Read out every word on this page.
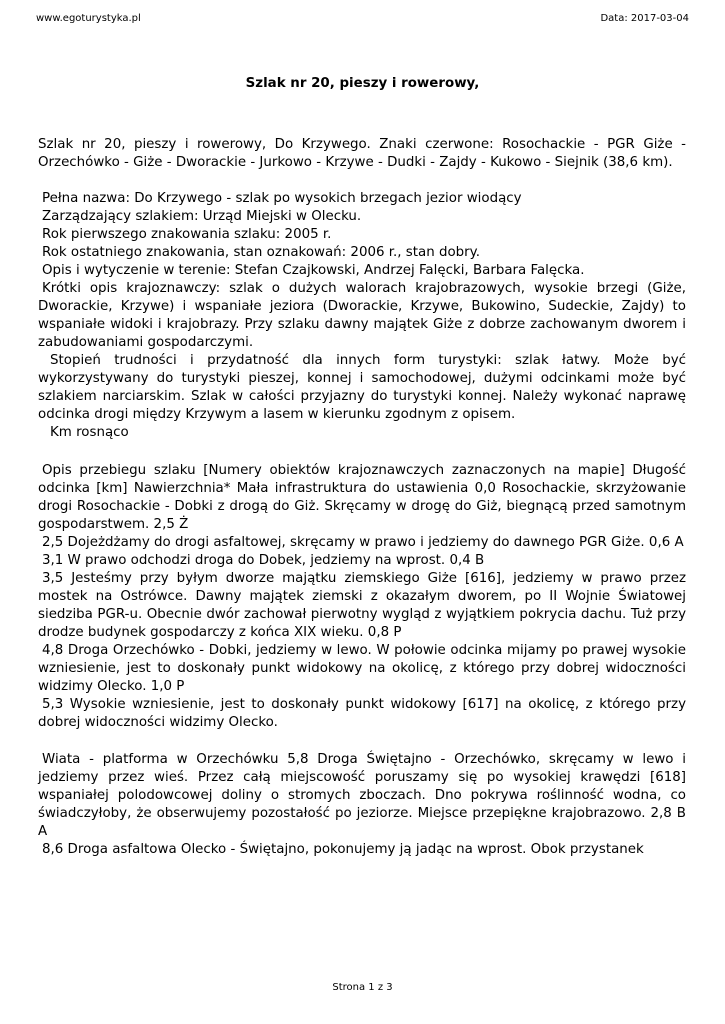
www.egoturystyka.pl	Data: 2017-03-04
Szlak nr 20, pieszy i rowerowy,

Szlak nr 20, pieszy i rowerowy, Do Krzywego. Znaki czerwone: Rosochackie - PGR Giże - Orzechówko - Giże - Dworackie - Jurkowo - Krzywe - Dudki - Zajdy - Kukowo - Siejnik (38,6 km).

Pełna nazwa: Do Krzywego - szlak po wysokich brzegach jezior wiodący

Zarządzający szlakiem: Urząd Miejski w Olecku.

Rok pierwszego znakowania szlaku: 2005 r.

Rok ostatniego znakowania, stan oznakowań: 2006 r., stan dobry.

Opis i wytyczenie w terenie: Stefan Czajkowski, Andrzej Falęcki, Barbara Falęcka.

Krótki opis krajoznawczy: szlak o dużych walorach krajobrazowych, wysokie brzegi (Giże, Dworackie, Krzywe) i wspaniałe jeziora (Dworackie, Krzywe, Bukowino, Sudeckie, Zajdy) to wspaniałe widoki i krajobrazy. Przy szlaku dawny majątek Giże z dobrze zachowanym dworem i zabudowaniami gospodarczymi.

Stopień trudności i przydatność dla innych form turystyki: szlak łatwy. Może być wykorzystywany do turystyki pieszej, konnej i samochodowej, dużymi odcinkami może być szlakiem narciarskim. Szlak w całości przyjazny do turystyki konnej. Należy wykonać naprawę odcinka drogi między Krzywym a lasem w kierunku zgodnym z opisem.

Km rosnąco

Opis przebiegu szlaku [Numery obiektów krajoznawczych zaznaczonych na mapie] Długość odcinka [km] Nawierzchnia* Mała infrastruktura do ustawienia 0,0 Rosochackie, skrzyżowanie drogi Rosochackie - Dobki z drogą do Giż. Skręcamy w drogę do Giż, biegnącą przed samotnym gospodarstwem. 2,5 Ż

2,5 Dojeżdżamy do drogi asfaltowej, skręcamy w prawo i jedziemy do dawnego PGR Giże. 0,6 A

3,1 W prawo odchodzi droga do Dobek, jedziemy na wprost. 0,4 B

3,5 Jesteśmy przy byłym dworze majątku ziemskiego Giże [616], jedziemy w prawo przez mostek na Ostrówce. Dawny majątek ziemski z okazałym dworem, po II Wojnie Światowej siedziba PGR-u. Obecnie dwór zachował pierwotny wygląd z wyjątkiem pokrycia dachu. Tuż przy drodze budynek gospodarczy z końca XIX wieku. 0,8 P

4,8 Droga Orzechówko - Dobki, jedziemy w lewo. W połowie odcinka mijamy po prawej wysokie wzniesienie, jest to doskonały punkt widokowy na okolicę, z którego przy dobrej widoczności widzimy Olecko. 1,0 P

5,3 Wysokie wzniesienie, jest to doskonały punkt widokowy [617] na okolicę, z którego przy dobrej widoczności widzimy Olecko.

Wiata - platforma w Orzechówku 5,8 Droga Świętajno - Orzechówko, skręcamy w lewo i jedziemy przez wieś. Przez całą miejscowość poruszamy się po wysokiej krawędzi [618] wspaniałej polodowcowej doliny o stromych zboczach. Dno pokrywa roślinność wodna, co świadczyłoby, że obserwujemy pozostałość po jeziorze. Miejsce przepiękne krajobrazowo. 2,8 B A

8,6 Droga asfaltowa Olecko - Świętajno, pokonujemy ją jadąc na wprost. Obok przystanek

Strona 1 z 3
